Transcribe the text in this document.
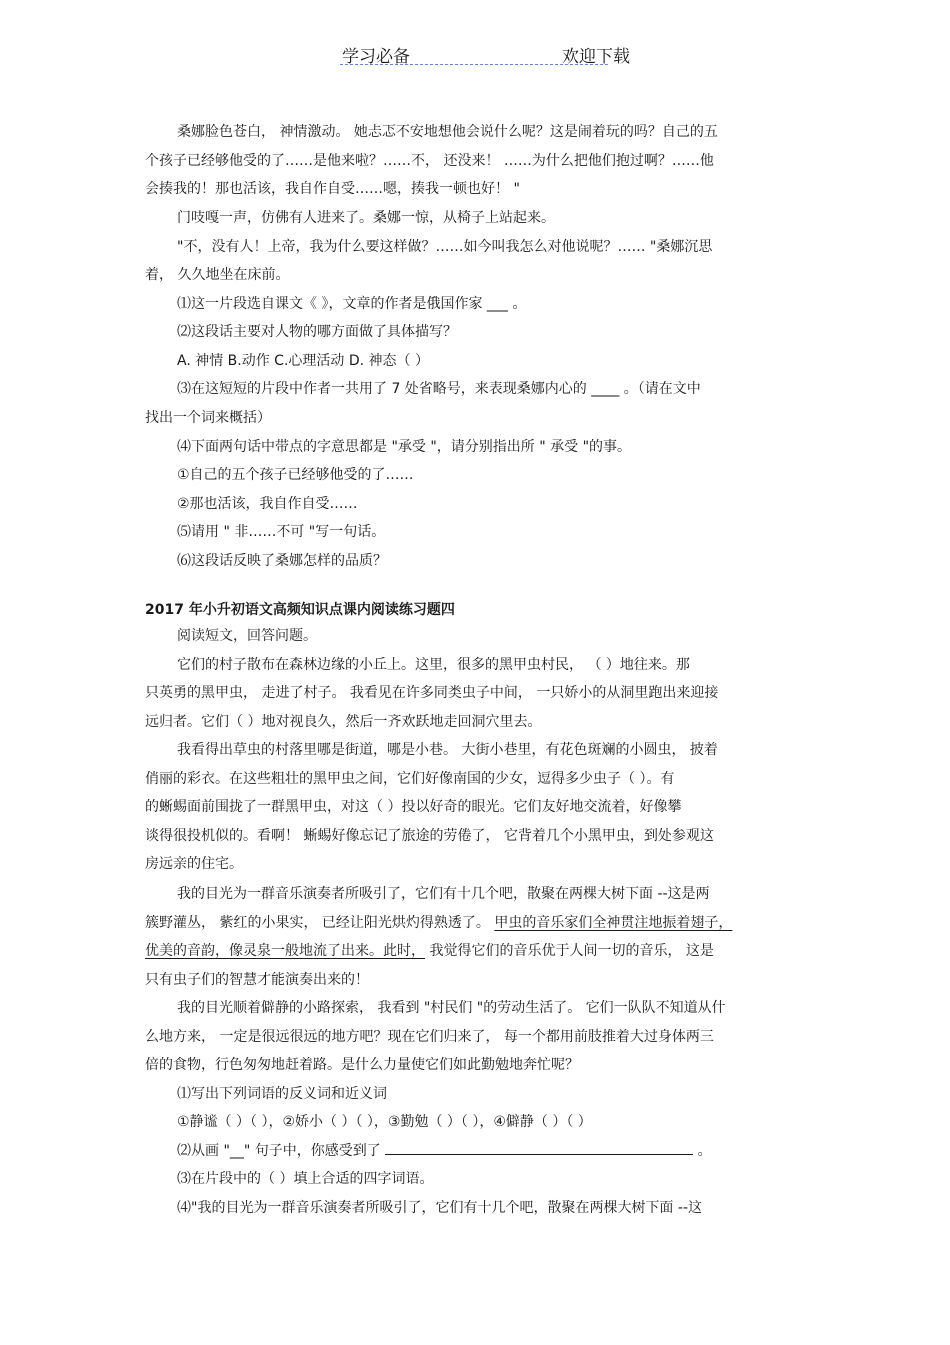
学习必备	欢迎下载
桑娜脸色苍白， 神情激动。 她忐忑不安地想他会说什么呢？这是闹着玩的吗？自己的五
个孩子已经够他受的了……是他来啦？……不， 还没来！ ……为什么把他们抱过啊？……他
会揍我的！那也活该，我自作自受……嗯，揍我一顿也好！ "
门吱嘎一声，仿佛有人进来了。桑娜一惊，从椅子上站起来。
"不，没有人！上帝，我为什么要这样做？……如今叫我怎么对他说呢？…… "桑娜沉思
着， 久久地坐在床前。
⑴这一片段选自课文《 》，文章的作者是俄国作家 ___ 。
⑵这段话主要对人物的哪方面做了具体描写？
A. 神情 B.动作 C.心理活动 D. 神态（ ）
⑶在这短短的片段中作者一共用了 7 处省略号，来表现桑娜内心的 ____ 。（请在文中
找出一个词来概括）
⑷下面两句话中带点的字意思都是 "承受 "，请分别指出所 " 承受 "的事。
①自己的五个孩子已经够他受的了……
②那也活该，我自作自受……
⑸请用 " 非……不可 "写一句话。
⑹这段话反映了桑娜怎样的品质？
2017 年小升初语文高频知识点课内阅读练习题四
阅读短文，回答问题。
它们的村子散布在森林边缘的小丘上。这里，很多的黑甲虫村民， （ ）地往来。那
只英勇的黑甲虫， 走进了村子。 我看见在许多同类虫子中间， 一只娇小的从洞里跑出来迎接
远归者。它们（ ）地对视良久，然后一齐欢跃地走回洞穴里去。
我看得出草虫的村落里哪是街道，哪是小巷。 大街小巷里，有花色斑斓的小圆虫， 披着
俏丽的彩衣。在这些粗壮的黑甲虫之间，它们好像南国的少女，逗得多少虫子（ ）。有
的蜥蜴面前围拢了一群黑甲虫，对这（ ）投以好奇的眼光。它们友好地交流着，好像攀
谈得很投机似的。看啊！ 蜥蜴好像忘记了旅途的劳倦了， 它背着几个小黑甲虫，到处参观这
房远亲的住宅。
我的目光为一群音乐演奏者所吸引了，它们有十几个吧，散聚在两棵大树下面 --这是两
簇野灌丛， 紫红的小果实， 已经让阳光烘灼得熟透了。 甲虫的音乐家们全神贯注地振着翅子，
优美的音韵，像灵泉一般地流了出来。此时， 我觉得它们的音乐优于人间一切的音乐， 这是
只有虫子们的智慧才能演奏出来的！
我的目光顺着僻静的小路探索， 我看到 "村民们 "的劳动生活了。 它们一队队不知道从什
么地方来， 一定是很远很远的地方吧？现在它们归来了， 每一个都用前肢推着大过身体两三
倍的食物，行色匆匆地赶着路。是什么力量使它们如此勤勉地奔忙呢？
⑴写出下列词语的反义词和近义词
①静谧（ ）（ ），②娇小（ ）（ ），③勤勉（ ）（ ），④僻静（ ）（ ）
⑵从画 "__" 句子中，你感受到了	。
⑶在片段中的（ ）填上合适的四字词语。
⑷"我的目光为一群音乐演奏者所吸引了，它们有十几个吧，散聚在两棵大树下面 --这
